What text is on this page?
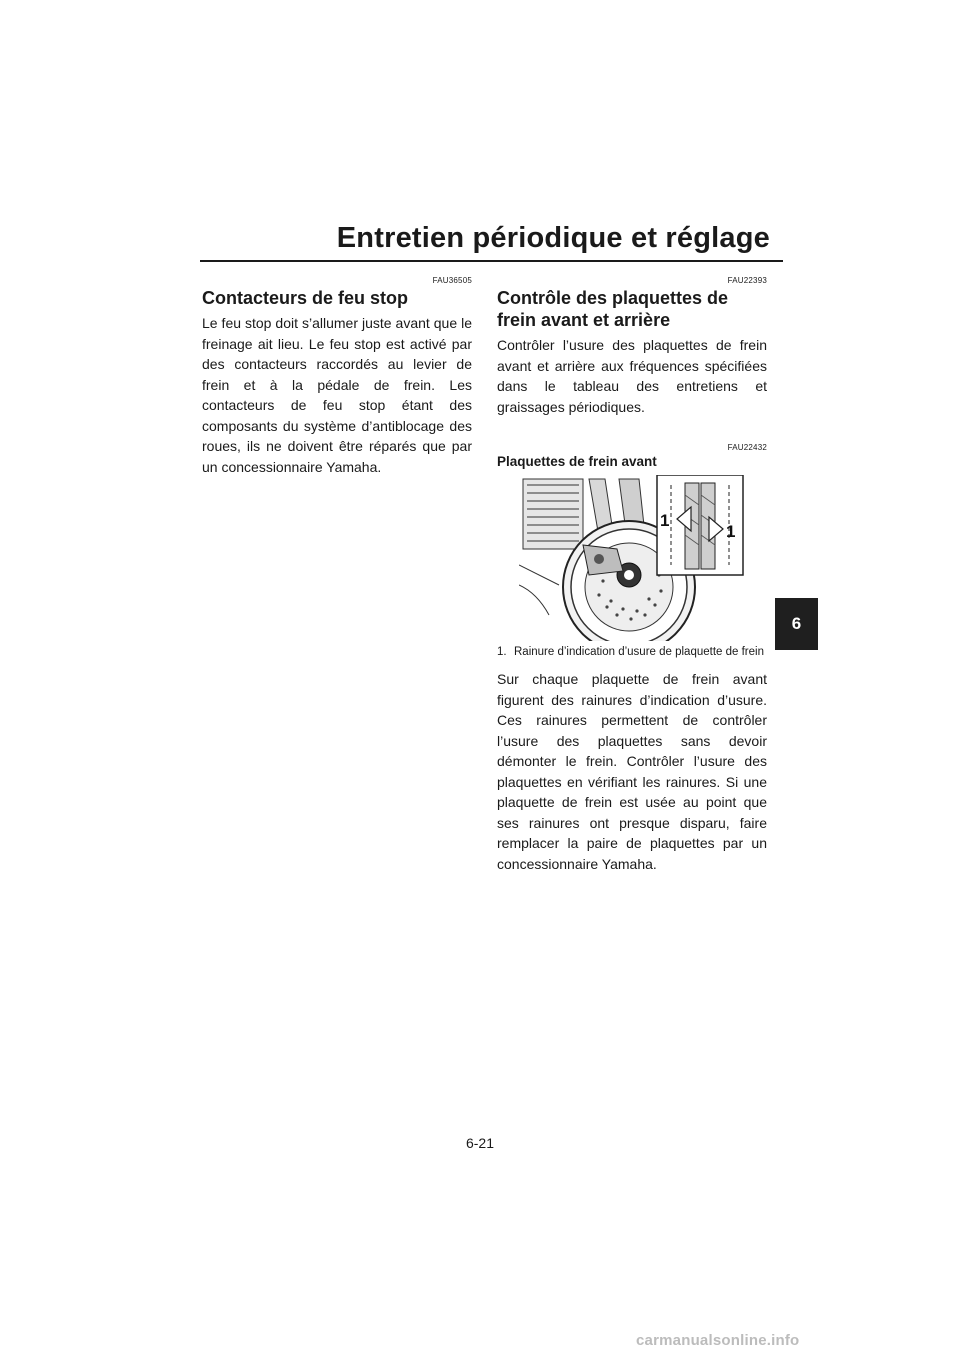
Entretien périodique et réglage
FAU36505
Contacteurs de feu stop

Le feu stop doit s’allumer juste avant que le freinage ait lieu. Le feu stop est activé par des contacteurs raccordés au levier de frein et à la pédale de frein. Les contacteurs de feu stop étant des composants du système d’antiblocage des roues, ils ne doivent être réparés que par un concessionnaire Yamaha.

FAU22393
Contrôle des plaquettes de frein avant et arrière

Contrôler l’usure des plaquettes de frein avant et arrière aux fréquences spécifiées dans le tableau des entretiens et graissages périodiques.

FAU22432
Plaquettes de frein avant
1
1
1. Rainure d’indication d’usure de plaquette de frein

Sur chaque plaquette de frein avant figurent des rainures d’indication d’usure. Ces rainures permettent de contrôler l’usure des plaquettes sans devoir démonter le frein. Contrôler l’usure des plaquettes en vérifiant les rainures. Si une plaquette de frein est usée au point que ses rainures ont presque disparu, faire remplacer la paire de plaquettes par un concessionnaire Yamaha.

6
6-21
carmanualsonline.info
